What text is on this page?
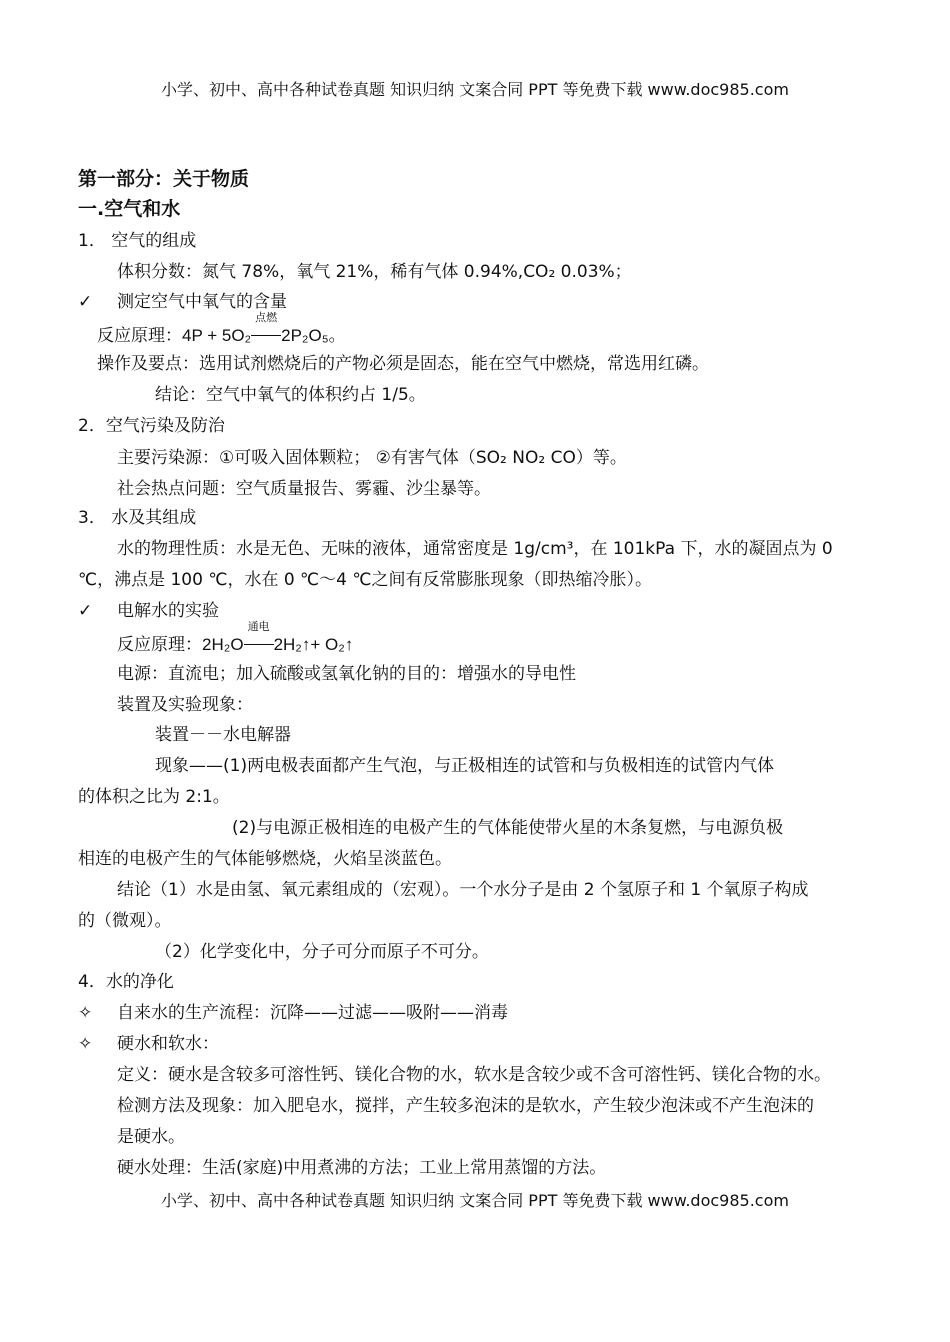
小学、初中、高中各种试卷真题 知识归纳 文案合同 PPT 等免费下载 www.doc985.com
第一部分：关于物质
一.空气和水
1． 空气的组成
体积分数：氮气 78%，氧气 21%，稀有气体 0.94%,CO₂ 0.03%；
✓ 测定空气中氧气的含量
反应原理：4P + 5O₂
点燃
2P₂O₅。
操作及要点：选用试剂燃烧后的产物必须是固态，能在空气中燃烧，常选用红磷。
结论：空气中氧气的体积约占 1/5。
2．空气污染及防治
主要污染源：①可吸入固体颗粒； ②有害气体（SO₂ NO₂ CO）等。
社会热点问题：空气质量报告、雾霾、沙尘暴等。
3． 水及其组成
水的物理性质：水是无色、无味的液体，通常密度是 1g/cm³，在 101kPa 下，水的凝固点为 0
℃，沸点是 100 ℃，水在 0 ℃～4 ℃之间有反常膨胀现象（即热缩冷胀）。
✓ 电解水的实验
反应原理：2H₂O
通电
2H₂↑+ O₂↑
电源：直流电；加入硫酸或氢氧化钠的目的：增强水的导电性
装置及实验现象：
装置－－水电解器
现象——(1)两电极表面都产生气泡，与正极相连的试管和与负极相连的试管内气体
的体积之比为 2:1。
(2)与电源正极相连的电极产生的气体能使带火星的木条复燃，与电源负极
相连的电极产生的气体能够燃烧，火焰呈淡蓝色。
结论（1）水是由氢、氧元素组成的（宏观）。一个水分子是由 2 个氢原子和 1 个氧原子构成
的（微观）。
（2）化学变化中，分子可分而原子不可分。
4．水的净化
✧ 自来水的生产流程：沉降——过滤——吸附——消毒
✧ 硬水和软水：
定义：硬水是含较多可溶性钙、镁化合物的水，软水是含较少或不含可溶性钙、镁化合物的水。
检测方法及现象：加入肥皂水，搅拌，产生较多泡沫的是软水，产生较少泡沫或不产生泡沫的
是硬水。
硬水处理：生活(家庭)中用煮沸的方法；工业上常用蒸馏的方法。
小学、初中、高中各种试卷真题 知识归纳 文案合同 PPT 等免费下载 www.doc985.com
